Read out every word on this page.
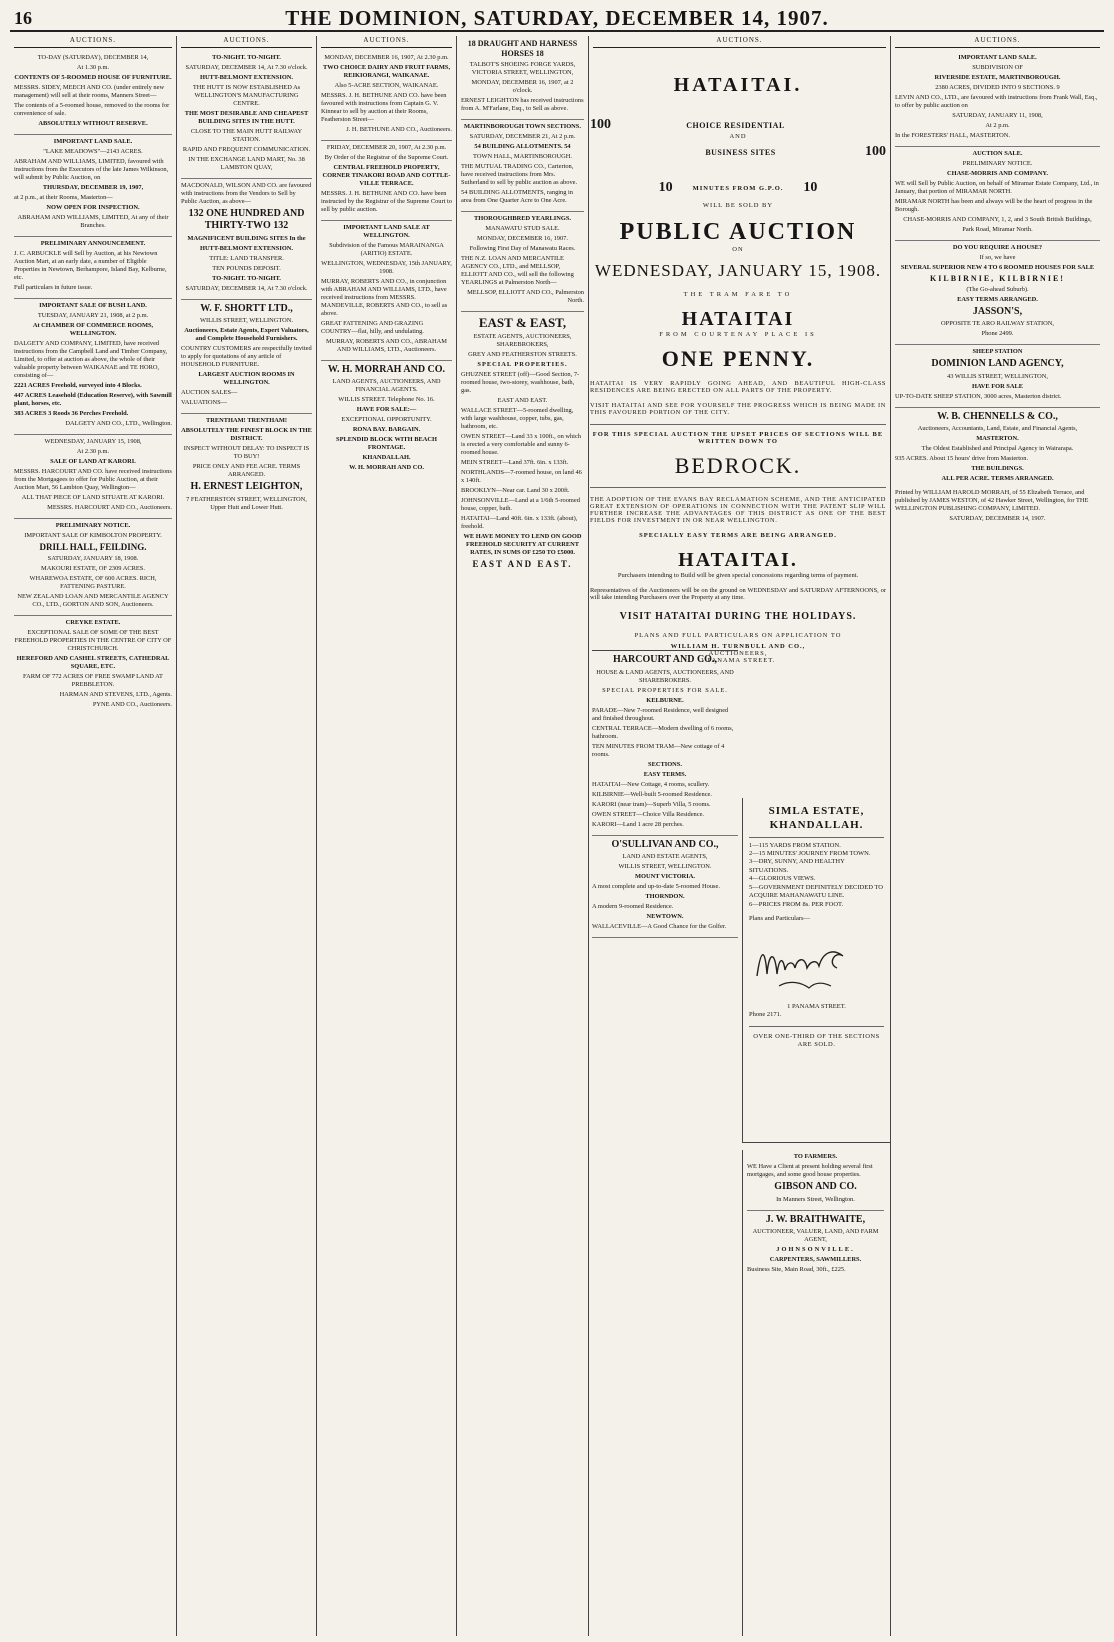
16	THE DOMINION, SATURDAY, DECEMBER 14, 1907.
AUCTIONS.

TO-DAY (SATURDAY), DECEMBER 14,

At 1.30 p.m.

CONTENTS OF 5-ROOMED HOUSE OF FURNITURE.

MESSRS. SIDEY, MEECH AND CO. (under entirely new management) will sell at their rooms, Manners Street—

The contents of a 5-roomed house, removed to the rooms for convenience of sale.

ABSOLUTELY WITHOUT RESERVE.

IMPORTANT LAND SALE.

"LAKE MEADOWS"—2143 ACRES.

ABRAHAM AND WILLIAMS, LIMITED, favoured with instructions from the Executors of the late James Wilkinson, will submit by Public Auction, on

THURSDAY, DECEMBER 19, 1907,

at 2 p.m., at their Rooms, Masterton—

NOW OPEN FOR INSPECTION.

ABRAHAM AND WILLIAMS, LIMITED, At any of their Branches.

PRELIMINARY ANNOUNCEMENT.

J. C. ARBUCKLE will Sell by Auction, at his Newtown Auction Mart, at an early date, a number of Eligible Properties in Newtown, Berhampore, Island Bay, Kelburne, etc.

Full particulars in future issue.

IMPORTANT SALE OF BUSH LAND.

TUESDAY, JANUARY 21, 1908, at 2 p.m.

At CHAMBER OF COMMERCE ROOMS, WELLINGTON.

DALGETY AND COMPANY, LIMITED, have received instructions from the Campbell Land and Timber Company, Limited, to offer at auction as above, the whole of their valuable property between WAIKANAE and TE HORO, consisting of—

2221 ACRES Freehold, surveyed into 4 Blocks.

447 ACRES Leasehold (Education Reserve), with Sawmill plant, horses, etc.

383 ACRES 3 Roods 36 Perches Freehold.

DALGETY AND CO., LTD., Wellington.

WEDNESDAY, JANUARY 15, 1908,

At 2.30 p.m.

SALE OF LAND AT KARORI.

MESSRS. HARCOURT AND CO. have received instructions from the Mortgagees to offer for Public Auction, at their Auction Mart, 56 Lambton Quay, Wellington—

ALL THAT PIECE OF LAND SITUATE AT KARORI.

MESSRS. HARCOURT AND CO., Auctioneers.

PRELIMINARY NOTICE.

IMPORTANT SALE OF KIMBOLTON PROPERTY.

DRILL HALL, FEILDING.

SATURDAY, JANUARY 18, 1908.

MAKOURI ESTATE, OF 2309 ACRES.

WHAREWOA ESTATE, OF 600 ACRES. RICH, FATTENING PASTURE.

NEW ZEALAND LOAN AND MERCANTILE AGENCY CO., LTD., GORTON AND SON, Auctioneers.

CREYKE ESTATE.

EXCEPTIONAL SALE OF SOME OF THE BEST FREEHOLD PROPERTIES IN THE CENTRE OF CITY OF CHRISTCHURCH.

HEREFORD AND CASHEL STREETS, CATHEDRAL SQUARE, ETC.

FARM OF 772 ACRES OF FREE SWAMP LAND AT PREBBLETON.

HARMAN AND STEVENS, LTD., Agents.

PYNE AND CO., Auctioneers.

AUCTIONS.

TO-NIGHT. TO-NIGHT.

SATURDAY, DECEMBER 14, At 7.30 o'clock.

HUTT-BELMONT EXTENSION.

THE HUTT IS NOW ESTABLISHED As WELLINGTON'S MANUFACTURING CENTRE.

THE MOST DESIRABLE AND CHEAPEST BUILDING SITES IN THE HUTT.

CLOSE TO THE MAIN HUTT RAILWAY STATION.

RAPID AND FREQUENT COMMUNICATION.

IN THE EXCHANGE LAND MART, No. 38 LAMBTON QUAY,

MACDONALD, WILSON AND CO. are favoured with instructions from the Vendors to Sell by Public Auction, as above—

132 ONE HUNDRED AND THIRTY-TWO 132

MAGNIFICENT BUILDING SITES In the

HUTT-BELMONT EXTENSION.

TITLE: LAND TRANSFER.

TEN POUNDS DEPOSIT.

TO-NIGHT. TO-NIGHT.

SATURDAY, DECEMBER 14, At 7.30 o'clock.

W. F. SHORTT LTD.,

WILLIS STREET, WELLINGTON.

Auctioneers, Estate Agents, Expert Valuators, and Complete Household Furnishers.

COUNTRY CUSTOMERS are respectfully invited to apply for quotations of any article of HOUSEHOLD FURNITURE.

LARGEST AUCTION ROOMS IN WELLINGTON.

AUCTION SALES—

VALUATIONS—

TRENTHAM! TRENTHAM!

ABSOLUTELY THE FINEST BLOCK IN THE DISTRICT.

INSPECT WITHOUT DELAY: TO INSPECT IS TO BUY!

PRICE ONLY AND FEE ACRE. TERMS ARRANGED.

H. ERNEST LEIGHTON,

7 FEATHERSTON STREET, WELLINGTON, Upper Hutt and Lower Hutt.

AUCTIONS.

MONDAY, DECEMBER 16, 1907, At 2.30 p.m.

TWO CHOICE DAIRY AND FRUIT FARMS, REIKIORANGI, WAIKANAE.

Also 5-ACRE SECTION, WAIKANAE.

MESSRS. J. H. BETHUNE AND CO. have been favoured with instructions from Captain G. V. Kinnear to sell by auction at their Rooms, Featherston Street—

J. H. BETHUNE AND CO., Auctioneers.

FRIDAY, DECEMBER 20, 1907, At 2.30 p.m.

By Order of the Registrar of the Supreme Court.

CENTRAL FREEHOLD PROPERTY, CORNER TINAKORI ROAD AND COTTLE-VILLE TERRACE.

MESSRS. J. H. BETHUNE AND CO. have been instructed by the Registrar of the Supreme Court to sell by public auction.

IMPORTANT LAND SALE AT WELLINGTON.

Subdivision of the Famous MARAINANGA (ARITIO) ESTATE.

WELLINGTON, WEDNESDAY, 15th JANUARY, 1908.

MURRAY, ROBERTS AND CO., in conjunction with ABRAHAM AND WILLIAMS, LTD., have received instructions from MESSRS. MANDEVILLE, ROBERTS AND CO., to sell as above.

GREAT FATTENING AND GRAZING COUNTRY—flat, hilly, and undulating.

MURRAY, ROBERTS AND CO., ABRAHAM AND WILLIAMS, LTD., Auctioneers.

W. H. MORRAH AND CO.

LAND AGENTS, AUCTIONEERS, AND FINANCIAL AGENTS.

WILLIS STREET. Telephone No. 16.

HAVE FOR SALE:—

EXCEPTIONAL OPPORTUNITY.

RONA BAY. BARGAIN.

SPLENDID BLOCK WITH BEACH FRONTAGE.

KHANDALLAH.

W. H. MORRAH AND CO.

18 DRAUGHT AND HARNESS HORSES 18

TALBOT'S SHOEING FORGE YARDS, VICTORIA STREET, WELLINGTON,

MONDAY, DECEMBER 16, 1907, at 2 o'clock.

ERNEST LEIGHTON has received instructions from A. M'Farlane, Esq., to Sell as above.

MARTINBOROUGH TOWN SECTIONS.

SATURDAY, DECEMBER 21, At 2 p.m.

54 BUILDING ALLOTMENTS. 54

TOWN HALL, MARTINBOROUGH.

THE MUTUAL TRADING CO., Carterton, have received instructions from Mrs. Sutherland to sell by public auction as above.

54 BUILDING ALLOTMENTS, ranging in area from One Quarter Acre to One Acre.

THOROUGHBRED YEARLINGS.

MANAWATU STUD SALE.

MONDAY, DECEMBER 16, 1907.

Following First Day of Manawatu Races.

THE N.Z. LOAN AND MERCANTILE AGENCY CO., LTD., and MELLSOP, ELLIOTT AND CO., will sell the following YEARLINGS at Palmerston North—

MELLSOP, ELLIOTT AND CO., Palmerston North.

EAST & EAST,

ESTATE AGENTS, AUCTIONEERS, SHAREBROKERS,

GREY AND FEATHERSTON STREETS.

SPECIAL PROPERTIES.

GHUZNEE STREET (off)—Good Section, 7-roomed house, two-storey, washhouse, bath, gas.

EAST AND EAST.

WALLACE STREET—5-roomed dwelling, with large washhouse, copper, tubs, gas, bathroom, etc.

OWEN STREET—Land 33 x 100ft., on which is erected a very comfortable and sunny 6-roomed house.

MEIN STREET—Land 37ft. 6in. x 133ft.

NORTHLANDS—7-roomed house, on land 46 x 140ft.

BROOKLYN—Near car. Land 30 x 200ft.

JOHNSONVILLE—Land at a 1/6th 5-roomed house, copper, bath.

HATAITAI—Land 40ft. 6in. x 133ft. (about), freehold.

WE HAVE MONEY TO LEND ON GOOD FREEHOLD SECURITY AT CURRENT RATES, IN SUMS OF £250 TO £5000.

EAST AND EAST.

AUCTIONS.
HATAITAI.
100	CHOICE RESIDENTIAL
AND
BUSINESS SITES	100
10	MINUTES FROM G.P.O. 10
WILL BE SOLD BY
PUBLIC AUCTION
ON
WEDNESDAY, JANUARY 15, 1908.
THE TRAM FARE TO
HATAITAI
FROM COURTENAY PLACE IS
ONE PENNY.
HATAITAI IS VERY RAPIDLY GOING AHEAD, AND BEAUTIFUL HIGH-CLASS RESIDENCES ARE BEING ERECTED ON ALL PARTS OF THE PROPERTY.
VISIT HATAITAI AND SEE FOR YOURSELF THE PROGRESS WHICH IS BEING MADE IN THIS FAVOURED PORTION OF THE CITY.
FOR THIS SPECIAL AUCTION THE UPSET PRICES OF SECTIONS WILL BE WRITTEN DOWN TO
BEDROCK.
THE ADOPTION OF THE EVANS BAY RECLAMATION SCHEME, AND THE ANTICIPATED GREAT EXTENSION OF OPERATIONS IN CONNECTION WITH THE PATENT SLIP WILL FURTHER INCREASE THE ADVANTAGES OF THIS DISTRICT AS ONE OF THE BEST FIELDS FOR INVESTMENT IN OR NEAR WELLINGTON.
SPECIALLY EASY TERMS ARE BEING ARRANGED.
HATAITAI.
Purchasers intending to Build will be given special concessions regarding terms of payment.
Representatives of the Auctioneers will be on the ground on WEDNESDAY and SATURDAY AFTERNOONS, or will take intending Purchasers over the Property at any time.
VISIT HATAITAI DURING THE HOLIDAYS.
PLANS AND FULL PARTICULARS ON APPLICATION TO
WILLIAM H. TURNBULL AND CO.,
AUCTIONEERS,
1 PANAMA STREET.

HARCOURT AND CO.,

HOUSE & LAND AGENTS, AUCTIONEERS, AND SHAREBROKERS.

SPECIAL PROPERTIES FOR SALE.

KELBURNE.

PARADE—New 7-roomed Residence, well designed and finished throughout.

CENTRAL TERRACE—Modern dwelling of 6 rooms, bathroom.

TEN MINUTES FROM TRAM—New cottage of 4 rooms.

SECTIONS.

EASY TERMS.

HATAITAI—New Cottage, 4 rooms, scullery.

KILBIRNIE—Well-built 5-roomed Residence.

KARORI (near tram)—Superb Villa, 5 rooms.

OWEN STREET—Choice Villa Residence.

KARORI—Land 1 acre 28 perches.

O'SULLIVAN AND CO.,

LAND AND ESTATE AGENTS,

WILLIS STREET, WELLINGTON.

MOUNT VICTORIA.

A most complete and up-to-date 5-roomed House.

THORNDON.

A modern 9-roomed Residence.

NEWTOWN.

WALLACEVILLE—A Good Chance for the Golfer.

SIMLA ESTATE,
KHANDALLAH.
1—115 YARDS FROM STATION.
2—15 MINUTES' JOURNEY FROM TOWN.
3—DRY, SUNNY, AND HEALTHY SITUATIONS.
4—GLORIOUS VIEWS.
5—GOVERNMENT DEFINITELY DECIDED TO ACQUIRE MAHANAWATU LINE.
6—PRICES FROM 8s. PER FOOT.
Plans and Particulars—
1 PANAMA STREET.
Phone 2171.
OVER ONE-THIRD OF THE SECTIONS ARE SOLD.

TO FARMERS.

WE Have a Client at present holding several first mortgages, and some good house properties.

GIBSON AND CO.

In Manners Street, Wellington.

J. W. BRAITHWAITE,

AUCTIONEER, VALUER, LAND, AND FARM AGENT,

JOHNSONVILLE.

CARPENTERS, SAWMILLERS.

Business Site, Main Road, 30ft., £225.

AUCTIONS.

IMPORTANT LAND SALE.

SUBDIVISION OF

RIVERSIDE ESTATE, MARTINBOROUGH.

2380 ACRES, DIVIDED INTO 9 SECTIONS. 9

LEVIN AND CO., LTD., are favoured with instructions from Frank Wall, Esq., to offer by public auction on

SATURDAY, JANUARY 11, 1908,

At 2 p.m.

In the FORESTERS' HALL, MASTERTON.

AUCTION SALE.

PRELIMINARY NOTICE.

CHASE-MORRIS AND COMPANY.

WE will Sell by Public Auction, on behalf of Miramar Estate Company, Ltd., in January, that portion of MIRAMAR NORTH.

MIRAMAR NORTH has been and always will be the heart of progress in the Borough.

CHASE-MORRIS AND COMPANY, 1, 2, and 3 South British Buildings,

Park Road, Miramar North.

DO YOU REQUIRE A HOUSE?

If so, we have

SEVERAL SUPERIOR NEW 4 TO 6 ROOMED HOUSES FOR SALE

KILBIRNIE, KILBIRNIE!

(The Go-ahead Suburb).

EASY TERMS ARRANGED.

JASSON'S,

OPPOSITE TE ARO RAILWAY STATION,

Phone 2499.

SHEEP STATION

DOMINION LAND AGENCY,

43 WILLIS STREET, WELLINGTON,

HAVE FOR SALE

UP-TO-DATE SHEEP STATION, 3000 acres, Masterton district.

W. B. CHENNELLS & CO.,

Auctioneers, Accountants, Land, Estate, and Financial Agents,

MASTERTON.

The Oldest Established and Principal Agency in Wairarapa.

935 ACRES. About 15 hours' drive from Masterton.

THE BUILDINGS.

ALL PER ACRE. TERMS ARRANGED.

Printed by WILLIAM HAROLD MORRAH, of 55 Elizabeth Terrace, and published by JAMES WESTON, of 42 Hawker Street, Wellington, for THE WELLINGTON PUBLISHING COMPANY, LIMITED.

SATURDAY, DECEMBER 14, 1907.
